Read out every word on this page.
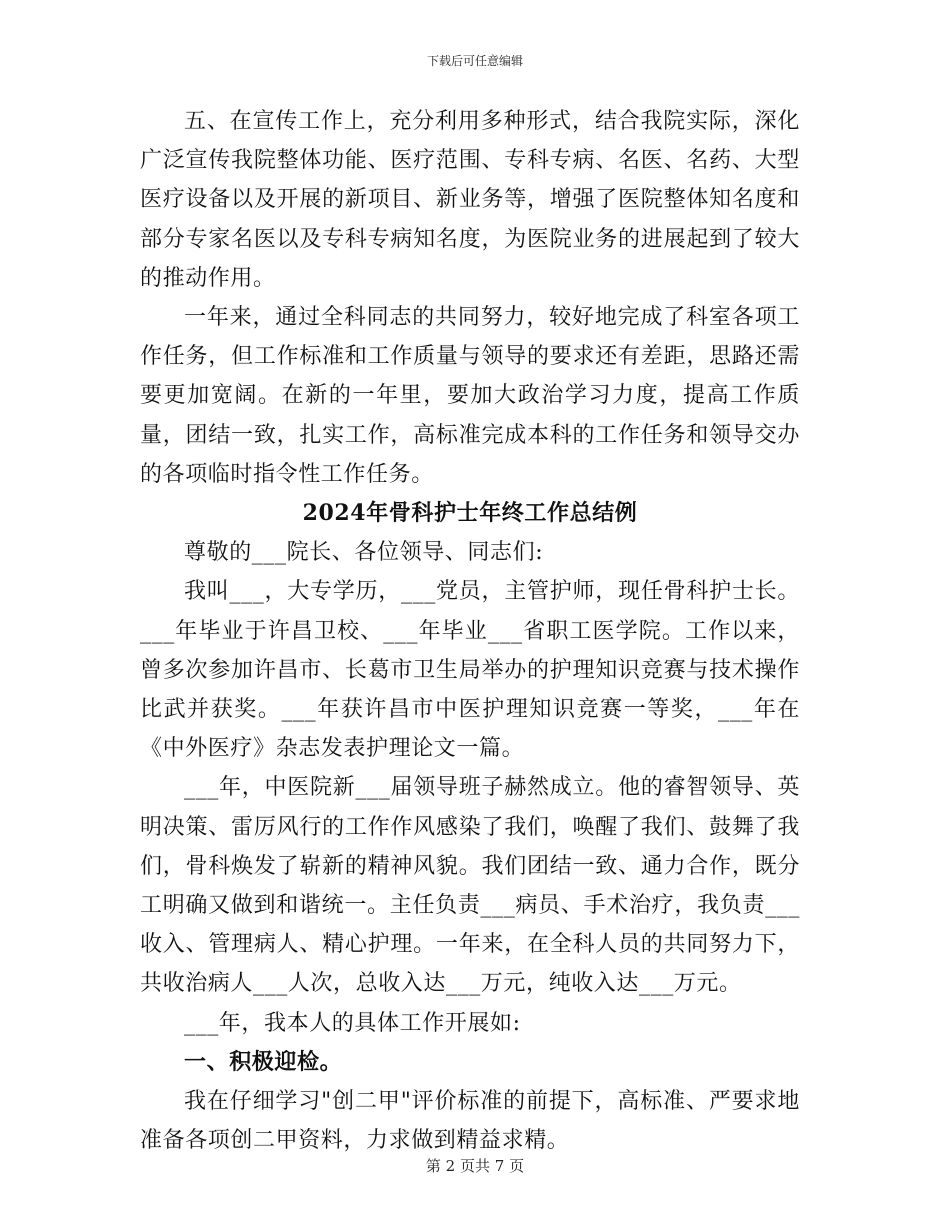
下载后可任意编辑

五、在宣传工作上，充分利用多种形式，结合我院实际，深化广泛宣传我院整体功能、医疗范围、专科专病、名医、名药、大型医疗设备以及开展的新项目、新业务等，增强了医院整体知名度和部分专家名医以及专科专病知名度，为医院业务的进展起到了较大的推动作用。

一年来，通过全科同志的共同努力，较好地完成了科室各项工作任务，但工作标准和工作质量与领导的要求还有差距，思路还需要更加宽阔。在新的一年里，要加大政治学习力度，提高工作质量，团结一致，扎实工作，高标准完成本科的工作任务和领导交办的各项临时指令性工作任务。

2024年骨科护士年终工作总结例

尊敬的___院长、各位领导、同志们:

我叫___，大专学历，___党员，主管护师，现任骨科护士长。___年毕业于许昌卫校、___年毕业___省职工医学院。工作以来，曾多次参加许昌市、长葛市卫生局举办的护理知识竞赛与技术操作比武并获奖。___年获许昌市中医护理知识竞赛一等奖，___年在《中外医疗》杂志发表护理论文一篇。

___年，中医院新___届领导班子赫然成立。他的睿智领导、英明决策、雷厉风行的工作作风感染了我们，唤醒了我们、鼓舞了我们，骨科焕发了崭新的精神风貌。我们团结一致、通力合作，既分工明确又做到和谐统一。主任负责___病员、手术治疗，我负责___收入、管理病人、精心护理。一年来，在全科人员的共同努力下，共收治病人___人次，总收入达___万元，纯收入达___万元。

___年，我本人的具体工作开展如:

一、积极迎检。

我在仔细学习"创二甲"评价标准的前提下，高标准、严要求地准备各项创二甲资料，力求做到精益求精。

第 2 页共 7 页
